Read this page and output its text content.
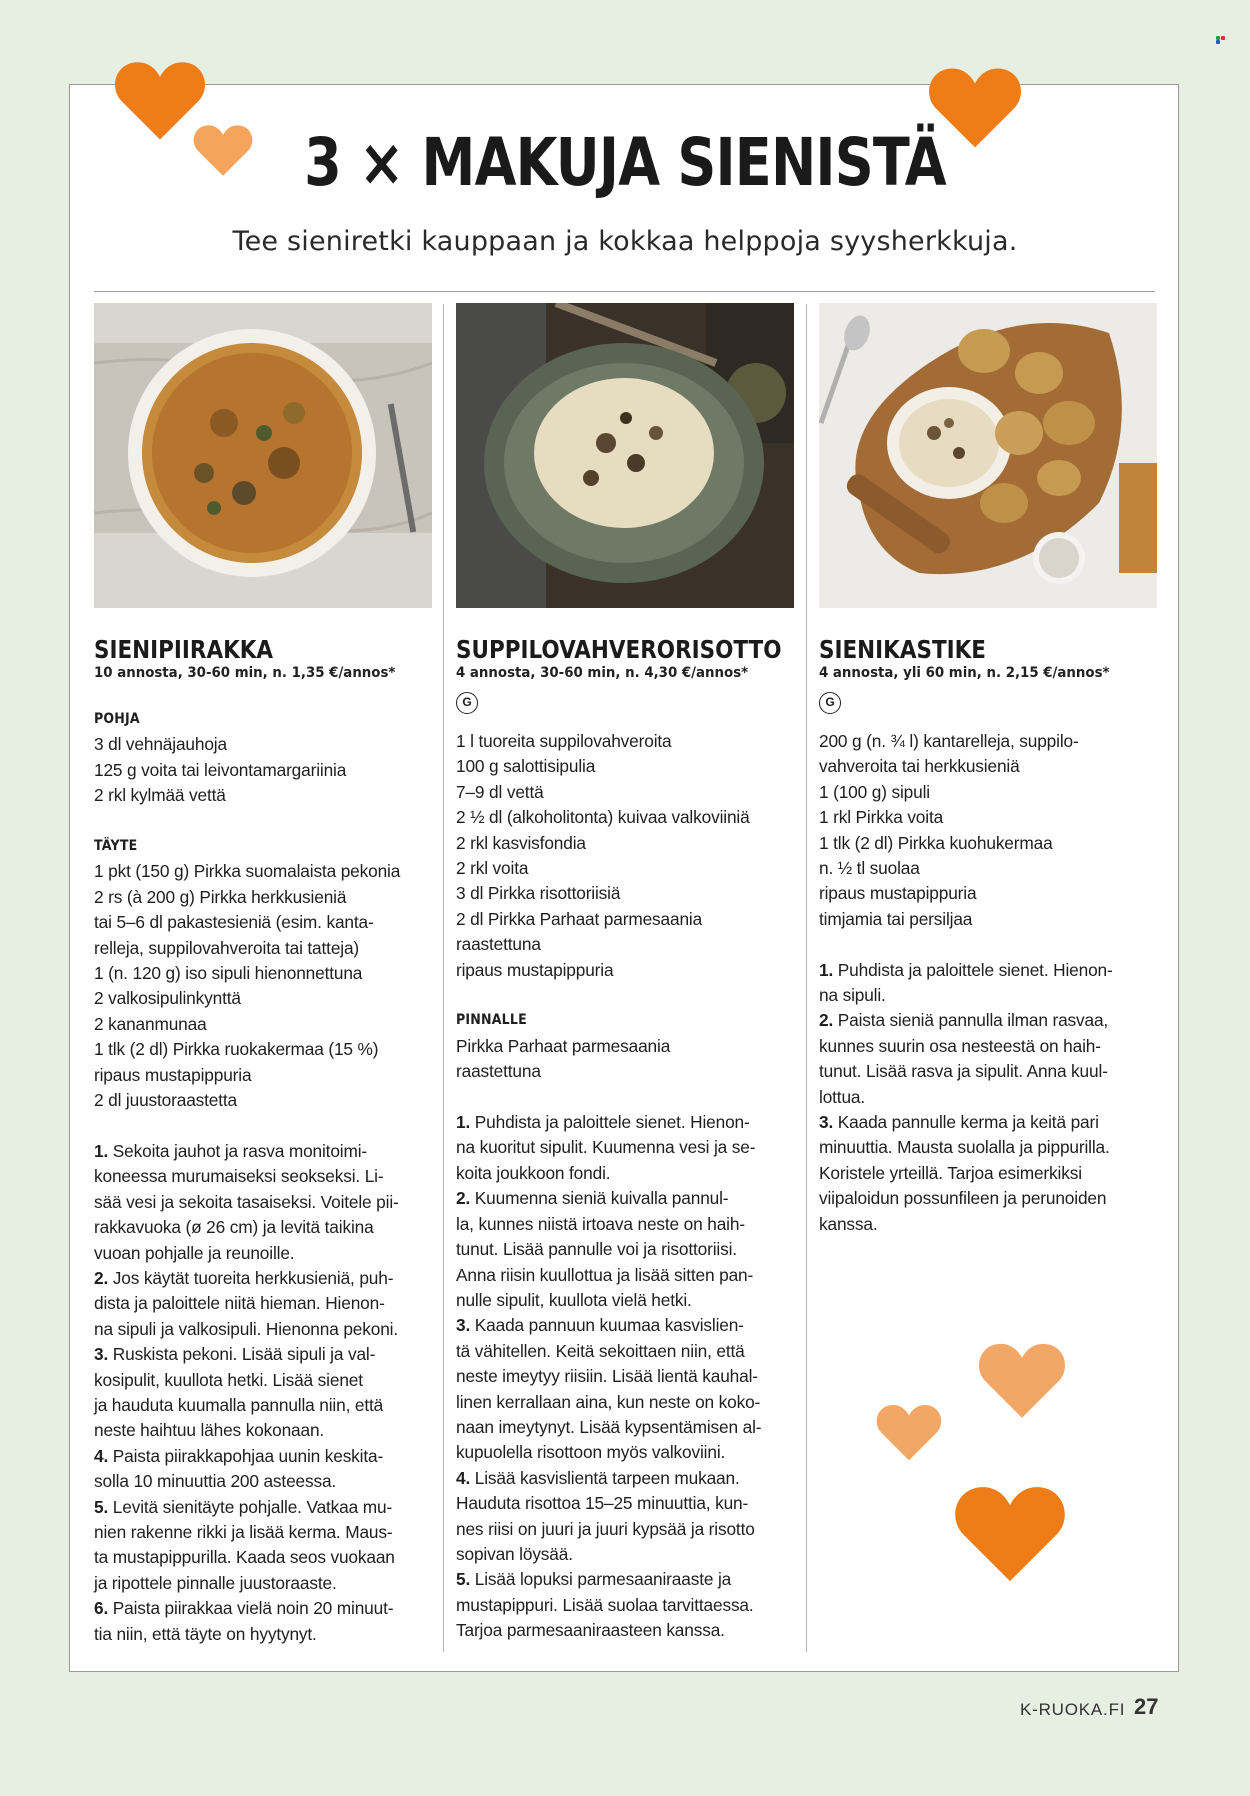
3 × MAKUJA SIENISTÄ
Tee sieniretki kauppaan ja kokkaa helppoja syysherkkuja.
SIENIPIIRAKKA
10 annosta, 30-60 min, n. 1,35 €/annos*
POHJA
3 dl vehnäjauhoja
125 g voita tai leivontamargariinia
2 rkl kylmää vettä
TÄYTE
1 pkt (150 g) Pirkka suomalaista pekonia
2 rs (à 200 g) Pirkka herkkusieniä
tai 5–6 dl pakastesieniä (esim. kanta-
relleja, suppilovahveroita tai tatteja)
1 (n. 120 g) iso sipuli hienonnettuna
2 valkosipulinkynttä
2 kananmunaa
1 tlk (2 dl) Pirkka ruokakermaa (15 %)
ripaus mustapippuria
2 dl juustoraastetta
1. Sekoita jauhot ja rasva monitoimi-
koneessa murumaiseksi seokseksi. Li-
sää vesi ja sekoita tasaiseksi. Voitele pii-
rakkavuoka (ø 26 cm) ja levitä taikina
vuoan pohjalle ja reunoille.
2. Jos käytät tuoreita herkkusieniä, puh-
dista ja paloittele niitä hieman. Hienon-
na sipuli ja valkosipuli. Hienonna pekoni.
3. Ruskista pekoni. Lisää sipuli ja val-
kosipulit, kuullota hetki. Lisää sienet
ja hauduta kuumalla pannulla niin, että
neste haihtuu lähes kokonaan.
4. Paista piirakkapohjaa uunin keskita-
solla 10 minuuttia 200 asteessa.
5. Levitä sienitäyte pohjalle. Vatkaa mu-
nien rakenne rikki ja lisää kerma. Maus-
ta mustapippurilla. Kaada seos vuokaan
ja ripottele pinnalle juustoraaste.
6. Paista piirakkaa vielä noin 20 minuut-
tia niin, että täyte on hyytynyt.
SUPPILOVAHVERORISOTTO
4 annosta, 30-60 min, n. 4,30 €/annos*
G
1 l tuoreita suppilovahveroita
100 g salottisipulia
7–9 dl vettä
2 ½ dl (alkoholitonta) kuivaa valkoviiniä
2 rkl kasvisfondia
2 rkl voita
3 dl Pirkka risottoriisiä
2 dl Pirkka Parhaat parmesaania
raastettuna
ripaus mustapippuria
PINNALLE
Pirkka Parhaat parmesaania
raastettuna
1. Puhdista ja paloittele sienet. Hienon-
na kuoritut sipulit. Kuumenna vesi ja se-
koita joukkoon fondi.
2. Kuumenna sieniä kuivalla pannul-
la, kunnes niistä irtoava neste on haih-
tunut. Lisää pannulle voi ja risottoriisi.
Anna riisin kuullottua ja lisää sitten pan-
nulle sipulit, kuullota vielä hetki.
3. Kaada pannuun kuumaa kasvislien-
tä vähitellen. Keitä sekoittaen niin, että
neste imeytyy riisiin. Lisää lientä kauhal-
linen kerrallaan aina, kun neste on koko-
naan imeytynyt. Lisää kypsentämisen al-
kupuolella risottoon myös valkoviini.
4. Lisää kasvislientä tarpeen mukaan.
Hauduta risottoa 15–25 minuuttia, kun-
nes riisi on juuri ja juuri kypsää ja risotto
sopivan löysää.
5. Lisää lopuksi parmesaaniraaste ja
mustapippuri. Lisää suolaa tarvittaessa.
Tarjoa parmesaaniraasteen kanssa.
SIENIKASTIKE
4 annosta, yli 60 min, n. 2,15 €/annos*
G
200 g (n. ¾ l) kantarelleja, suppilo-
vahveroita tai herkkusieniä
1 (100 g) sipuli
1 rkl Pirkka voita
1 tlk (2 dl) Pirkka kuohukermaa
n. ½ tl suolaa
ripaus mustapippuria
timjamia tai persiljaa
1. Puhdista ja paloittele sienet. Hienon-
na sipuli.
2. Paista sieniä pannulla ilman rasvaa,
kunnes suurin osa nesteestä on haih-
tunut. Lisää rasva ja sipulit. Anna kuul-
lottua.
3. Kaada pannulle kerma ja keitä pari
minuuttia. Mausta suolalla ja pippurilla.
Koristele yrteillä. Tarjoa esimerkiksi
viipaloidun possunfileen ja perunoiden
kanssa.
K-RUOKA.FI 27
